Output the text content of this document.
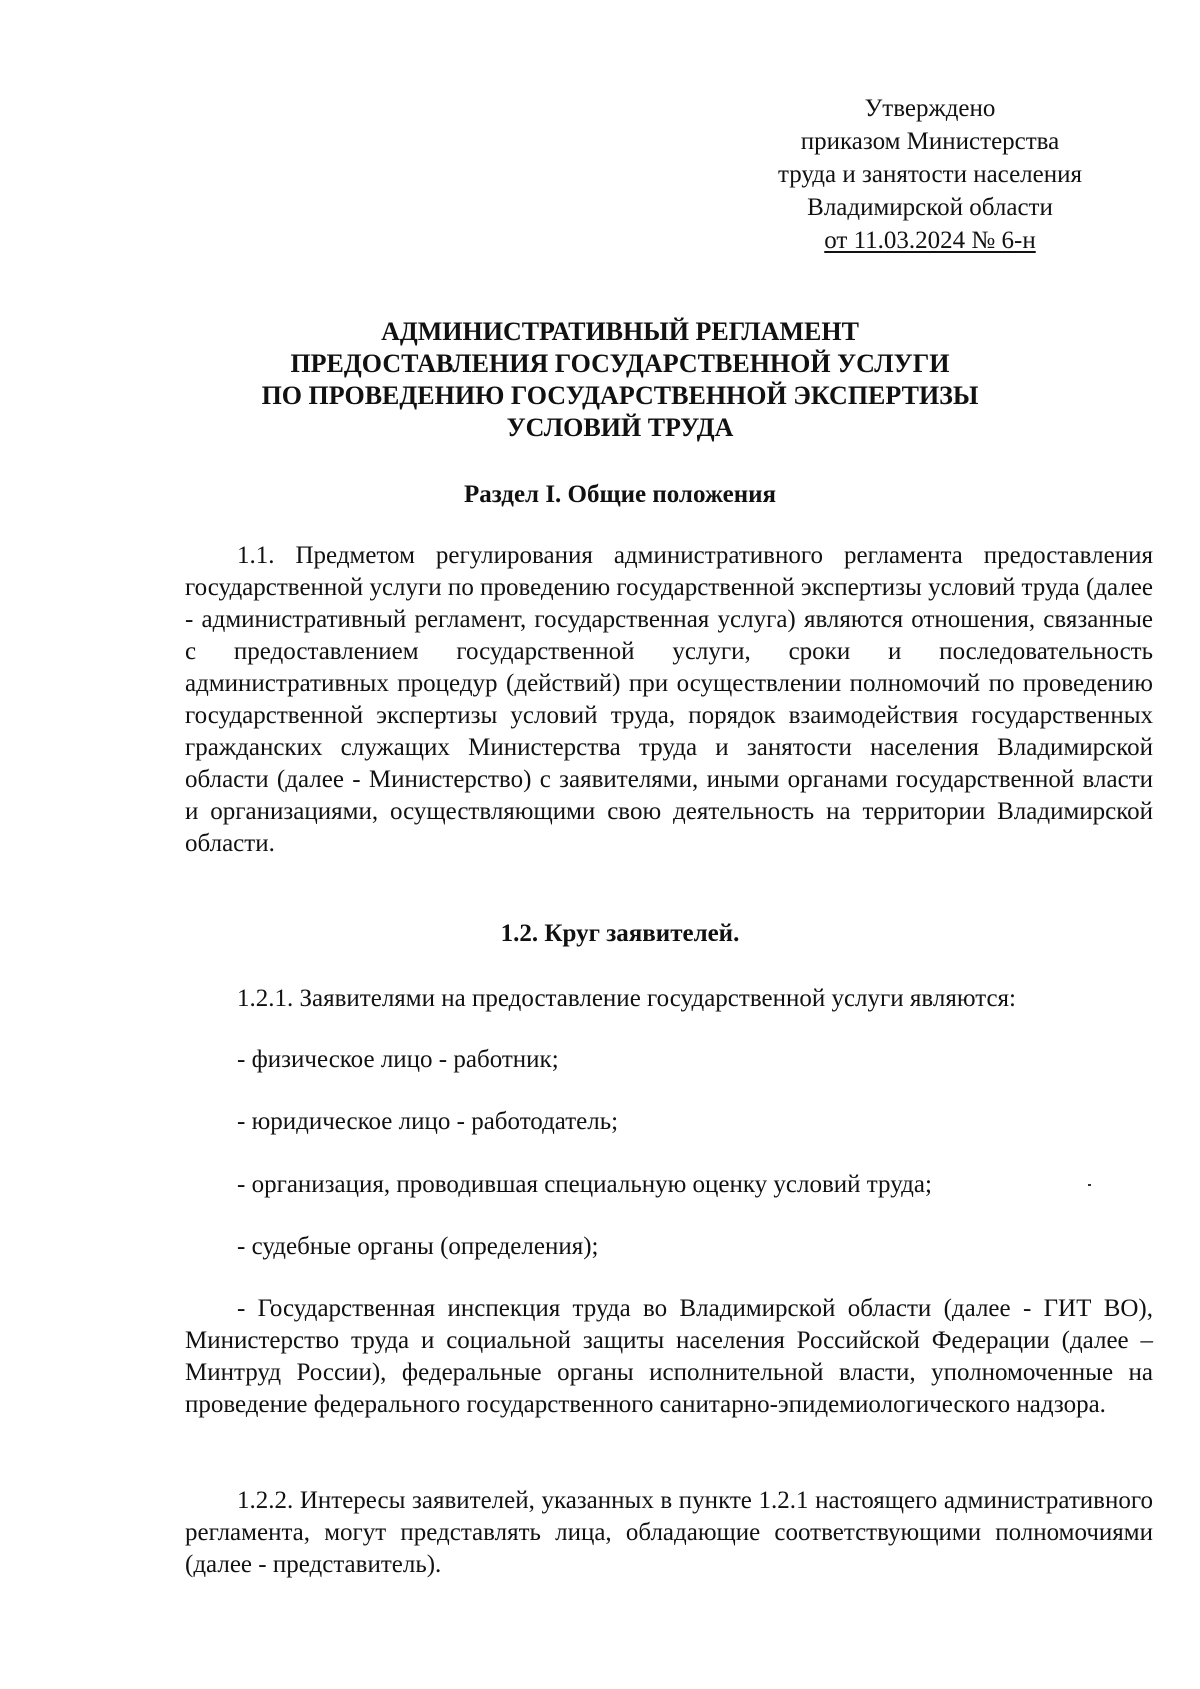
Утверждено
приказом Министерства
труда и занятости населения
Владимирской области
от 11.03.2024 № 6-н
АДМИНИСТРАТИВНЫЙ РЕГЛАМЕНТ
ПРЕДОСТАВЛЕНИЯ ГОСУДАРСТВЕННОЙ УСЛУГИ
ПО ПРОВЕДЕНИЮ ГОСУДАРСТВЕННОЙ ЭКСПЕРТИЗЫ
УСЛОВИЙ ТРУДА
Раздел I. Общие положения
1.1. Предметом регулирования административного регламента предоставления государственной услуги по проведению государственной экспертизы условий труда (далее - административный регламент, государственная услуга) являются отношения, связанные с предоставлением государственной услуги, сроки и последовательность административных процедур (действий) при осуществлении полномочий по проведению государственной экспертизы условий труда, порядок взаимодействия государственных гражданских служащих Министерства труда и занятости населения Владимирской области (далее - Министерство) с заявителями, иными органами государственной власти и организациями, осуществляющими свою деятельность на территории Владимирской области.
1.2. Круг заявителей.
1.2.1. Заявителями на предоставление государственной услуги являются:
- физическое лицо - работник;
- юридическое лицо - работодатель;
- организация, проводившая специальную оценку условий труда;
- судебные органы (определения);
- Государственная инспекция труда во Владимирской области (далее - ГИТ ВО), Министерство труда и социальной защиты населения Российской Федерации (далее – Минтруд России), федеральные органы исполнительной власти, уполномоченные на проведение федерального государственного санитарно-эпидемиологического надзора.
1.2.2. Интересы заявителей, указанных в пункте 1.2.1 настоящего административного регламента, могут представлять лица, обладающие соответствующими полномочиями (далее - представитель).
